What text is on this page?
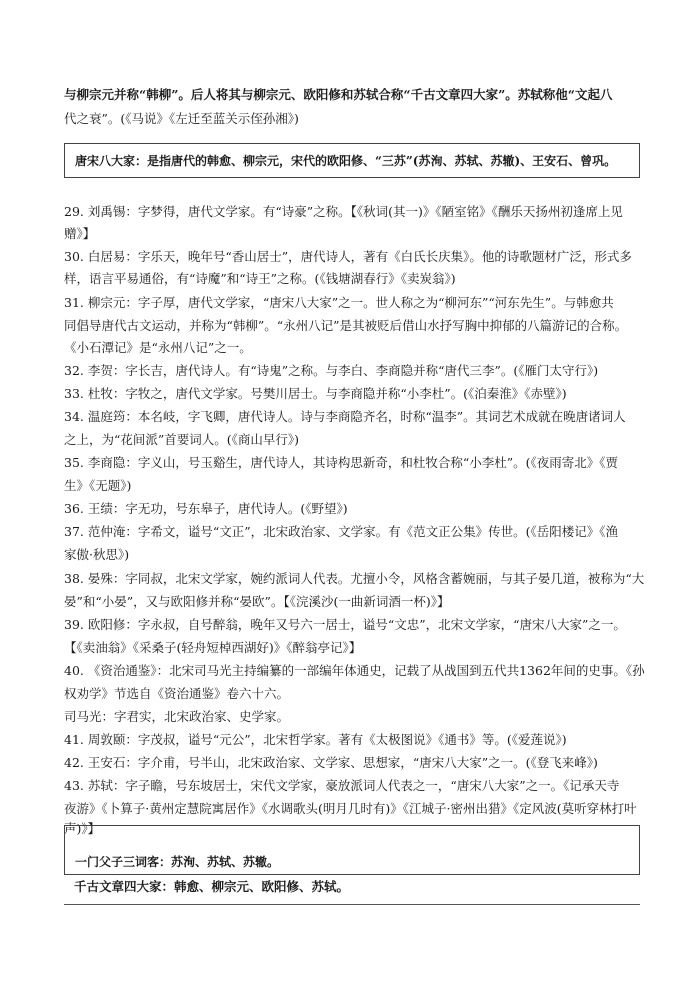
与柳宗元并称“韩柳”。后人将其与柳宗元、欧阳修和苏轼合称“千古文章四大家”。苏轼称他“文起八
代之衰”。(《马说》《左迁至蓝关示侄孙湘》)
唐宋八大家：是指唐代的韩愈、柳宗元，宋代的欧阳修、“三苏”(苏洵、苏轼、苏辙)、王安石、曾巩。
29. 刘禹锡：字梦得，唐代文学家。有“诗豪”之称。【《秋词(其一)》《陋室铭》《酬乐天扬州初逢席上见
赠》】
30. 白居易：字乐天，晚年号“香山居士”，唐代诗人，著有《白氏长庆集》。他的诗歌题材广泛，形式多
样，语言平易通俗，有“诗魔”和“诗王”之称。(《钱塘湖春行》《卖炭翁》)
31. 柳宗元：字子厚，唐代文学家，“唐宋八大家”之一。世人称之为“柳河东”“河东先生”。与韩愈共
同倡导唐代古文运动，并称为“韩柳”。“永州八记”是其被贬后借山水抒写胸中抑郁的八篇游记的合称。
《小石潭记》是“永州八记”之一。
32. 李贺：字长吉，唐代诗人。有“诗鬼”之称。与李白、李商隐并称“唐代三李”。(《雁门太守行》)
33. 杜牧：字牧之，唐代文学家。号樊川居士。与李商隐并称“小李杜”。(《泊秦淮》《赤壁》)
34. 温庭筠：本名岐，字飞卿，唐代诗人。诗与李商隐齐名，时称“温李”。其词艺术成就在晚唐诸词人
之上，为“花间派”首要词人。(《商山早行》)
35. 李商隐：字义山，号玉谿生，唐代诗人，其诗构思新奇，和杜牧合称“小李杜”。(《夜雨寄北》《贾
生》《无题》)
36. 王绩：字无功，号东皋子，唐代诗人。(《野望》)
37. 范仲淹：字希文，谥号“文正”，北宋政治家、文学家。有《范文正公集》传世。(《岳阳楼记》《渔
家傲·秋思》)
38. 晏殊：字同叔，北宋文学家，婉约派词人代表。尤擅小令，风格含蓄婉丽，与其子晏几道，被称为“大
晏”和“小晏”，又与欧阳修并称“晏欧”。【《浣溪沙(一曲新词酒一杯)》】
39. 欧阳修：字永叔，自号醉翁，晚年又号六一居士，谥号“文忠”，北宋文学家，“唐宋八大家”之一。
【《卖油翁》《采桑子(轻舟短棹西湖好)》《醉翁亭记》】
40. 《资治通鉴》：北宋司马光主持编纂的一部编年体通史，记载了从战国到五代共1362年间的史事。《孙
权劝学》节选自《资治通鉴》卷六十六。
司马光：字君实，北宋政治家、史学家。
41. 周敦颐：字茂叔，谥号“元公”，北宋哲学家。著有《太极图说》《通书》等。(《爱莲说》)
42. 王安石：字介甫，号半山，北宋政治家、文学家、思想家，“唐宋八大家”之一。(《登飞来峰》)
43. 苏轼：字子瞻，号东坡居士，宋代文学家，豪放派词人代表之一，“唐宋八大家”之一。《记承天寺
夜游》《卜算子·黄州定慧院寓居作》《水调歌头(明月几时有)》《江城子·密州出猎》《定风波(莫听穿林打叶
声)》】
一门父子三词客：苏洵、苏轼、苏辙。
千古文章四大家：韩愈、柳宗元、欧阳修、苏轼。
